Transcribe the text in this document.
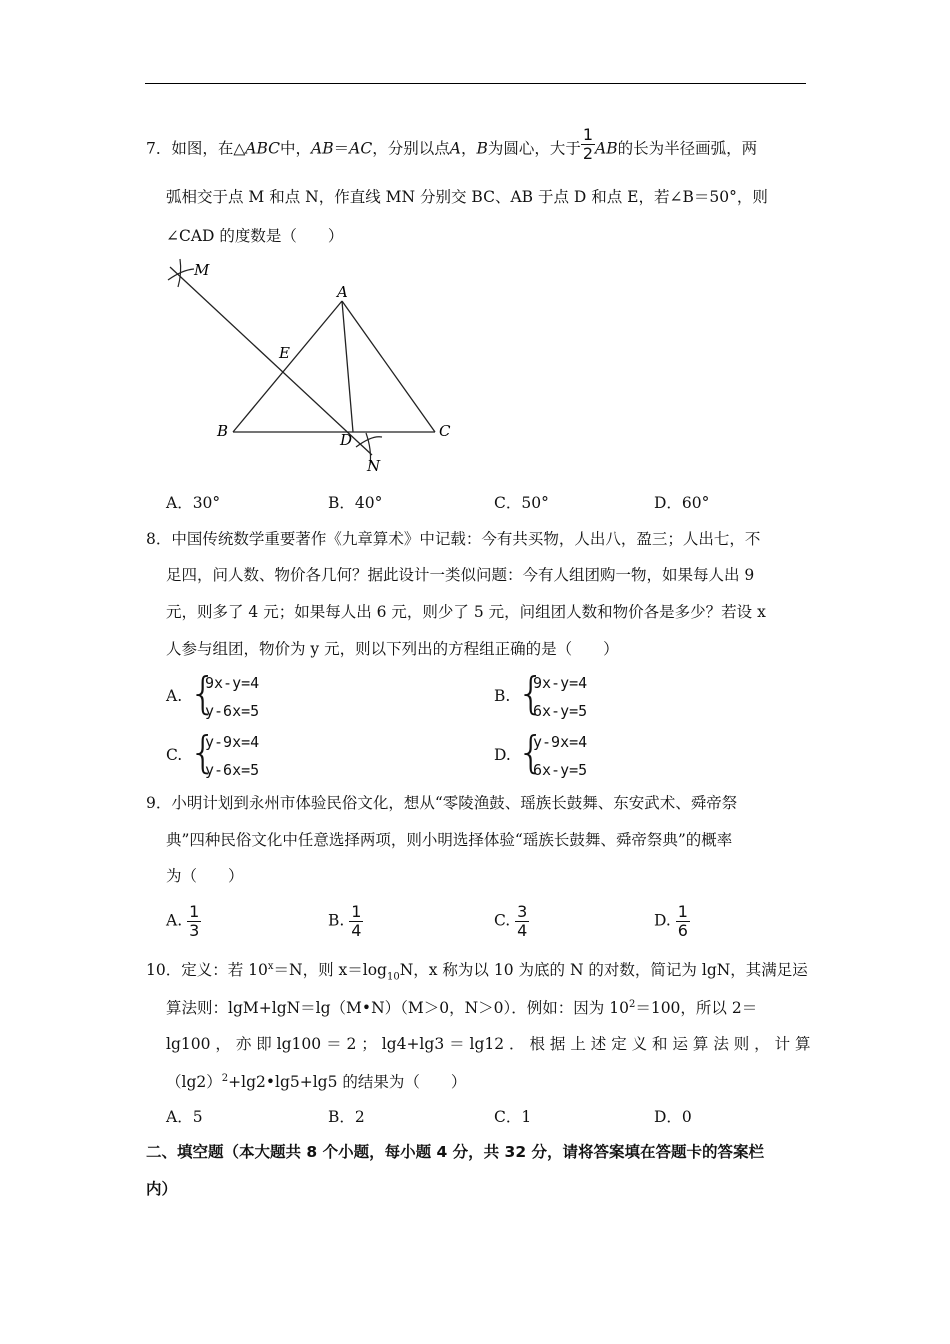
7．如图，在△ABC中，AB＝AC，分别以点A，B为圆心，大于 $\frac{1}{2}$ AB的长为半径画弧，两
弧相交于点 M 和点 N，作直线 MN 分别交 BC、AB 于点 D 和点 E，若∠B＝50°，则
∠CAD 的度数是（　　）
M
A
E
B	D	C
N
A．30°	B．40°	C．50°	D．60°
8．中国传统数学重要著作《九章算术》中记载：今有共买物，人出八，盈三；人出七，不
足四，问人数、物价各几何？据此设计一类似问题：今有人组团购一物，如果每人出 9
元，则多了 4 元；如果每人出 6 元，则少了 5 元，问组团人数和物价各是多少？若设 x
人参与组团，物价为 y 元，则以下列出的方程组正确的是（　　）
A. {
9x-y=4
y-6x=5
B. {
9x-y=4
6x-y=5
C. {
y-9x=4
y-6x=5
D. {
y-9x=4
6x-y=5
9．小明计划到永州市体验民俗文化，想从“零陵渔鼓、瑶族长鼓舞、东安武术、舜帝祭
典”四种民俗文化中任意选择两项，则小明选择体验“瑶族长鼓舞、舜帝祭典”的概率
为（　　）
A. $\frac{1}{3}$	B. $\frac{1}{4}$	C. $\frac{3}{4}$	D. $\frac{1}{6}$
10．定义：若 $10^x=N$，则 $x=\log_{10}N$，x 称为以 10 为底的 N 的对数，简记为 lgN，其满足运
算法则：lgM+lgN＝lg（M•N）（M＞0，N＞0）．例如：因为 $10^2=100$，所以 2＝
lg100 ， 亦 即 lg100 ＝ 2 ； lg4+lg3 ＝ lg12 ． 根 据 上 述 定 义 和 运 算 法 则 ， 计 算
$(\lg 2)^2+\lg 2•\lg 5+\lg 5$ 的结果为（　　）
A．5	B．2	C．1	D．0
二、填空题（本大题共 8 个小题，每小题 4 分，共 32 分，请将答案填在答题卡的答案栏
内）
